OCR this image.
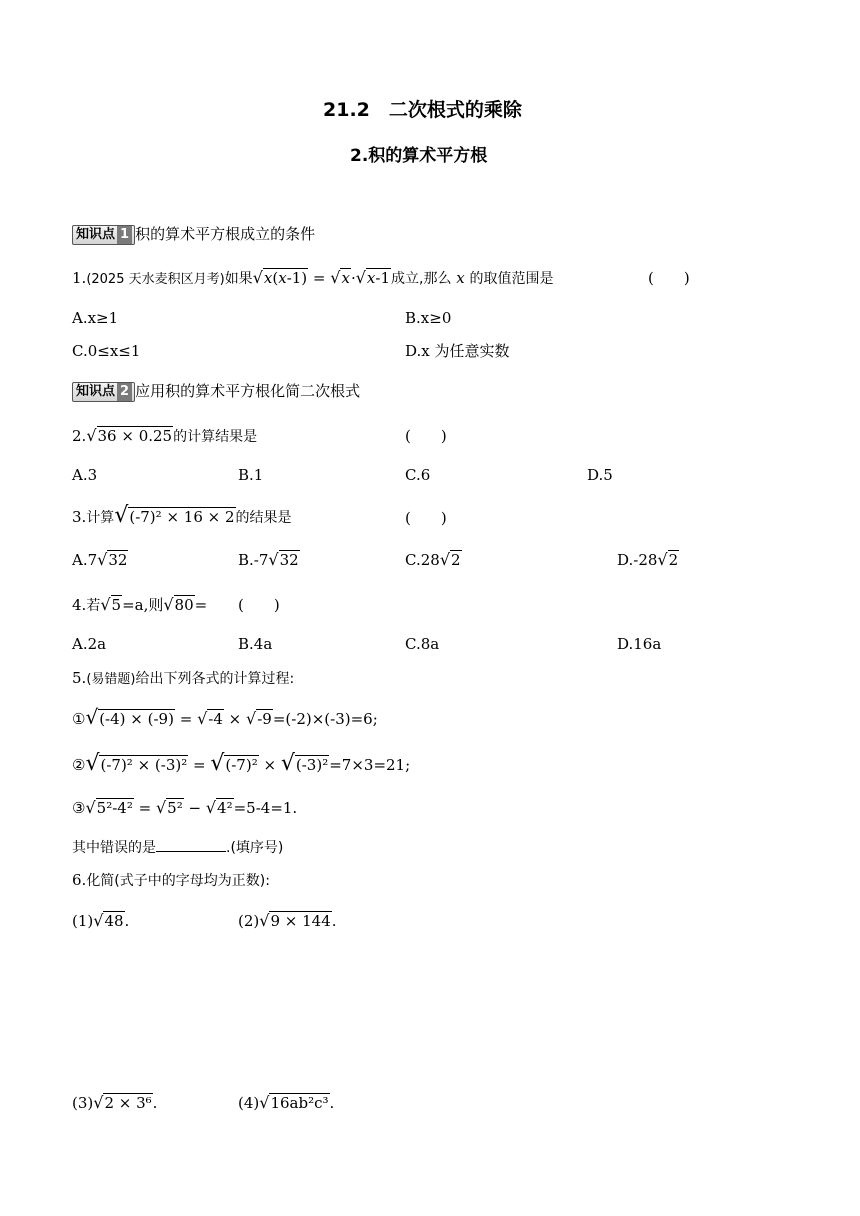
21.2　二次根式的乘除
2.积的算术平方根
知识点 1 积的算术平方根成立的条件
1.(2025 天水麦积区月考)如果√x(x-1) = √x·√x-1成立,那么 x 的取值范围是	(　　)
A.x≥1	B.x≥0
C.0≤x≤1	D.x 为任意实数
知识点 2 应用积的算术平方根化简二次根式
2.√36 × 0.25的计算结果是	(　　)
A.3	B.1	C.6	D.5
3.计算√(-7)² × 16 × 2的结果是	(　　)
A.7√32	B.-7√32	C.28√2	D.-28√2
4.若√5=a,则√80= (　　)
A.2a	B.4a	C.8a	D.16a
5.(易错题)给出下列各式的计算过程:
①√(-4) × (-9) = √-4 × √-9=(-2)×(-3)=6;
②√(-7)² × (-3)² = √(-7)² × √(-3)²=7×3=21;
③√5²-4² = √5² − √4²=5-4=1.
其中错误的是	.(填序号)
6.化简(式子中的字母均为正数):
(1)√48.	(2)√9 × 144.
(3)√2 × 3⁶.	(4)√16ab²c³.
